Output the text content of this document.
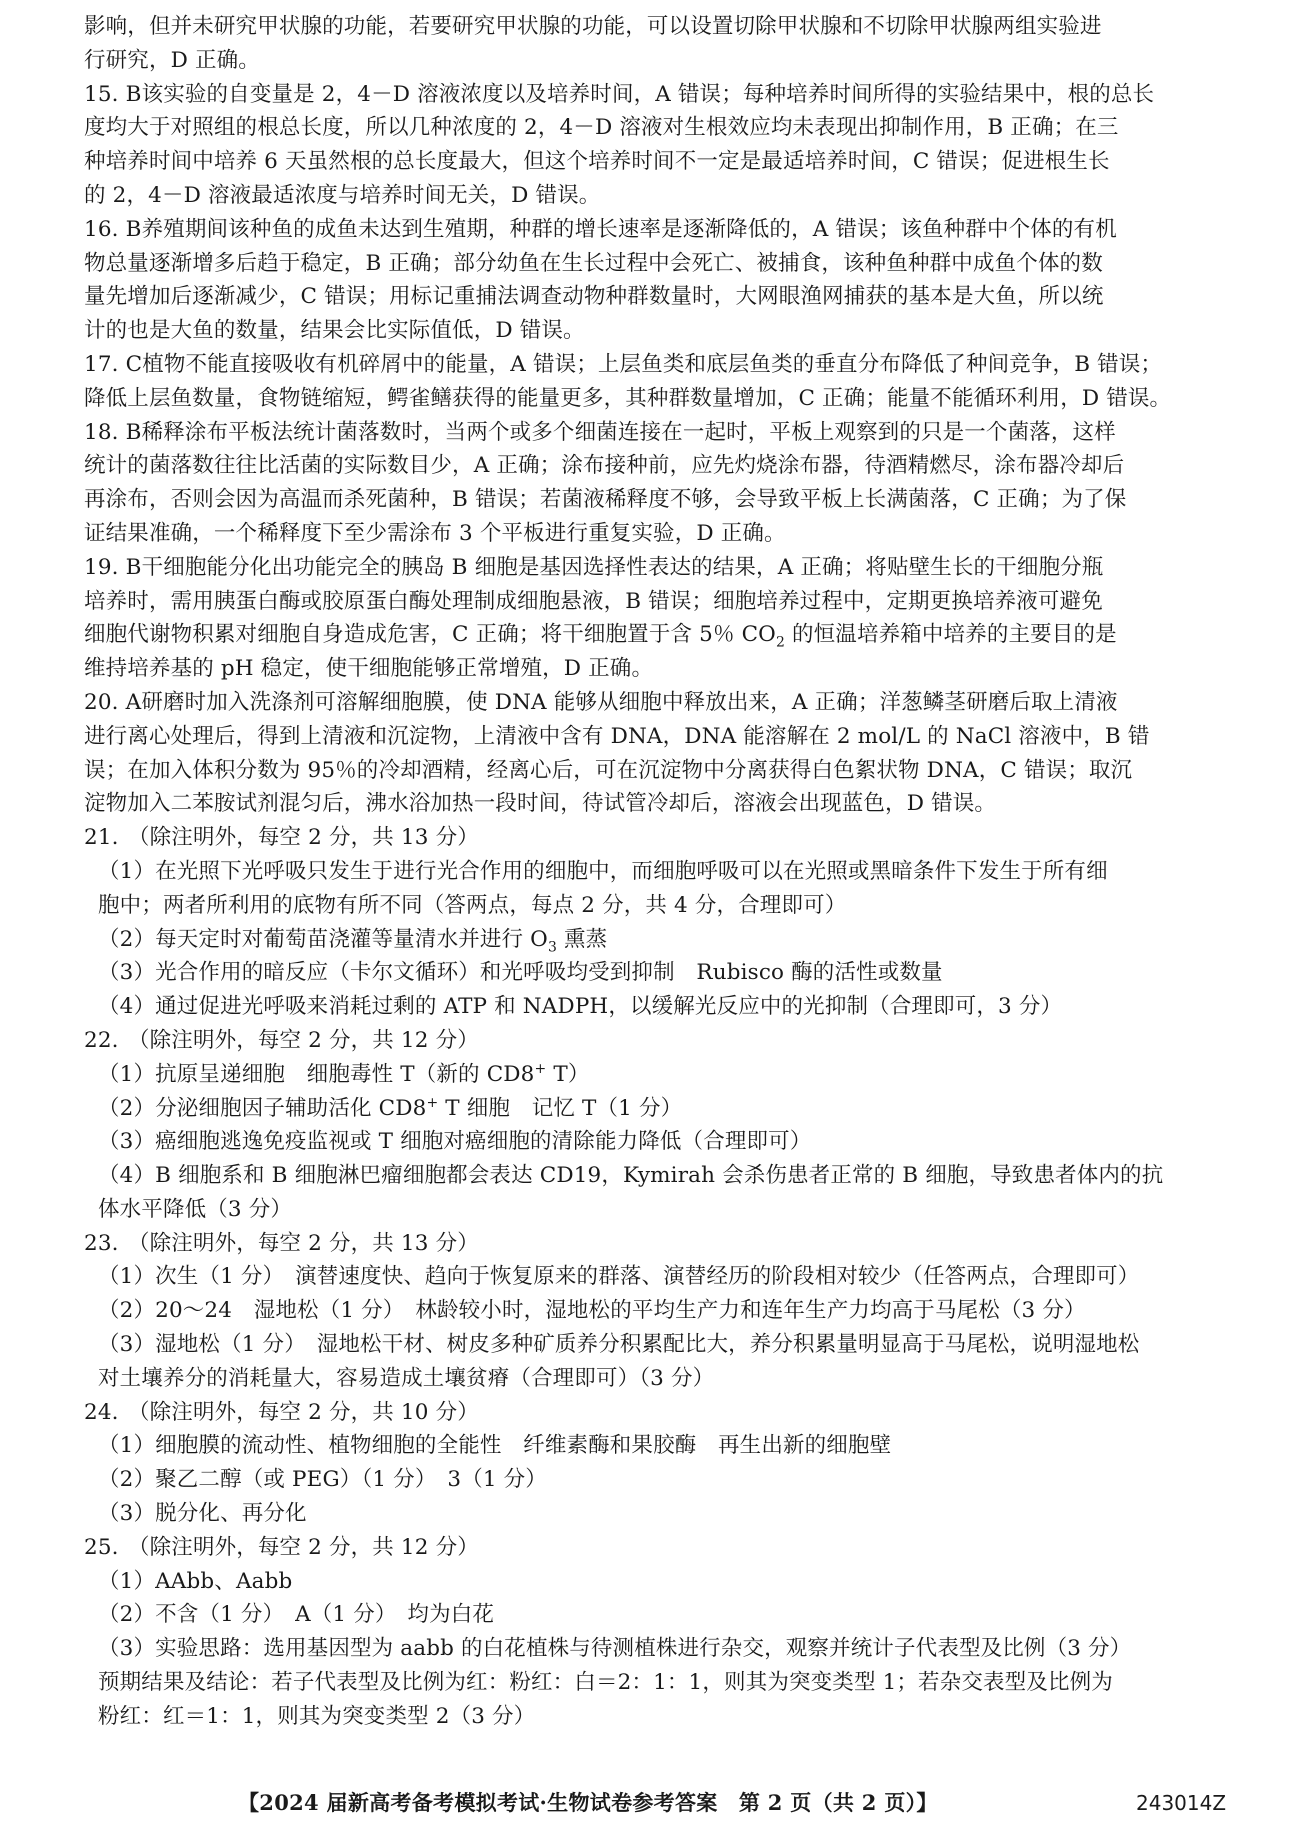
影响，但并未研究甲状腺的功能，若要研究甲状腺的功能，可以设置切除甲状腺和不切除甲状腺两组实验进
行研究，D 正确。

15. B该实验的自变量是 2，4－D 溶液浓度以及培养时间，A 错误；每种培养时间所得的实验结果中，根的总长
度均大于对照组的根总长度，所以几种浓度的 2，4－D 溶液对生根效应均未表现出抑制作用，B 正确；在三
种培养时间中培养 6 天虽然根的总长度最大，但这个培养时间不一定是最适培养时间，C 错误；促进根生长
的 2，4－D 溶液最适浓度与培养时间无关，D 错误。

16. B养殖期间该种鱼的成鱼未达到生殖期，种群的增长速率是逐渐降低的，A 错误；该鱼种群中个体的有机
物总量逐渐增多后趋于稳定，B 正确；部分幼鱼在生长过程中会死亡、被捕食，该种鱼种群中成鱼个体的数
量先增加后逐渐减少，C 错误；用标记重捕法调查动物种群数量时，大网眼渔网捕获的基本是大鱼，所以统
计的也是大鱼的数量，结果会比实际值低，D 错误。

17. C植物不能直接吸收有机碎屑中的能量，A 错误；上层鱼类和底层鱼类的垂直分布降低了种间竞争，B 错误；
降低上层鱼数量，食物链缩短，鳄雀鳝获得的能量更多，其种群数量增加，C 正确；能量不能循环利用，D 错误。

18. B稀释涂布平板法统计菌落数时，当两个或多个细菌连接在一起时，平板上观察到的只是一个菌落，这样
统计的菌落数往往比活菌的实际数目少，A 正确；涂布接种前，应先灼烧涂布器，待酒精燃尽，涂布器冷却后
再涂布，否则会因为高温而杀死菌种，B 错误；若菌液稀释度不够，会导致平板上长满菌落，C 正确；为了保
证结果准确，一个稀释度下至少需涂布 3 个平板进行重复实验，D 正确。

19. B干细胞能分化出功能完全的胰岛 B 细胞是基因选择性表达的结果，A 正确；将贴壁生长的干细胞分瓶
培养时，需用胰蛋白酶或胶原蛋白酶处理制成细胞悬液，B 错误；细胞培养过程中，定期更换培养液可避免
细胞代谢物积累对细胞自身造成危害，C 正确；将干细胞置于含 5％ $CO_2$ 的恒温培养箱中培养的主要目的是
维持培养基的 pH 稳定，使干细胞能够正常增殖，D 正确。

20. A研磨时加入洗涤剂可溶解细胞膜，使 DNA 能够从细胞中释放出来，A 正确；洋葱鳞茎研磨后取上清液
进行离心处理后，得到上清液和沉淀物，上清液中含有 DNA，DNA 能溶解在 2 mol/L 的 NaCl 溶液中，B 错
误；在加入体积分数为 95％的冷却酒精，经离心后，可在沉淀物中分离获得白色絮状物 DNA，C 错误；取沉
淀物加入二苯胺试剂混匀后，沸水浴加热一段时间，待试管冷却后，溶液会出现蓝色，D 错误。

21. （除注明外，每空 2 分，共 13 分）
（1）在光照下光呼吸只发生于进行光合作用的细胞中，而细胞呼吸可以在光照或黑暗条件下发生于所有细
胞中；两者所利用的底物有所不同（答两点，每点 2 分，共 4 分，合理即可）
（2）每天定时对葡萄苗浇灌等量清水并进行 $O_3$ 熏蒸
（3）光合作用的暗反应（卡尔文循环）和光呼吸均受到抑制　Rubisco 酶的活性或数量
（4）通过促进光呼吸来消耗过剩的 ATP 和 NADPH，以缓解光反应中的光抑制（合理即可，3 分）

22. （除注明外，每空 2 分，共 12 分）
（1）抗原呈递细胞　细胞毒性 T（新的 CD8+ T）
（2）分泌细胞因子辅助活化 CD8+ T 细胞　记忆 T（1 分）
（3）癌细胞逃逸免疫监视或 T 细胞对癌细胞的清除能力降低（合理即可）
（4）B 细胞系和 B 细胞淋巴瘤细胞都会表达 CD19，Kymirah 会杀伤患者正常的 B 细胞，导致患者体内的抗
体水平降低（3 分）

23. （除注明外，每空 2 分，共 13 分）
（1）次生（1 分）　演替速度快、趋向于恢复原来的群落、演替经历的阶段相对较少（任答两点，合理即可）
（2）20～24　湿地松（1 分）　林龄较小时，湿地松的平均生产力和连年生产力均高于马尾松（3 分）
（3）湿地松（1 分）　湿地松干材、树皮多种矿质养分积累配比大，养分积累量明显高于马尾松，说明湿地松
对土壤养分的消耗量大，容易造成土壤贫瘠（合理即可）（3 分）

24. （除注明外，每空 2 分，共 10 分）
（1）细胞膜的流动性、植物细胞的全能性　纤维素酶和果胶酶　再生出新的细胞壁
（2）聚乙二醇（或 PEG）（1 分）　3（1 分）
（3）脱分化、再分化

25. （除注明外，每空 2 分，共 12 分）
（1）AAbb、Aabb
（2）不含（1 分）　A（1 分）　均为白花
（3）实验思路：选用基因型为 aabb 的白花植株与待测植株进行杂交，观察并统计子代表型及比例（3 分）
预期结果及结论：若子代表型及比例为红：粉红：白＝2：1：1，则其为突变类型 1；若杂交表型及比例为
粉红：红＝1：1，则其为突变类型 2（3 分）

【2024 届新高考备考模拟考试·生物试卷参考答案　第 2 页（共 2 页）】	243014Z
